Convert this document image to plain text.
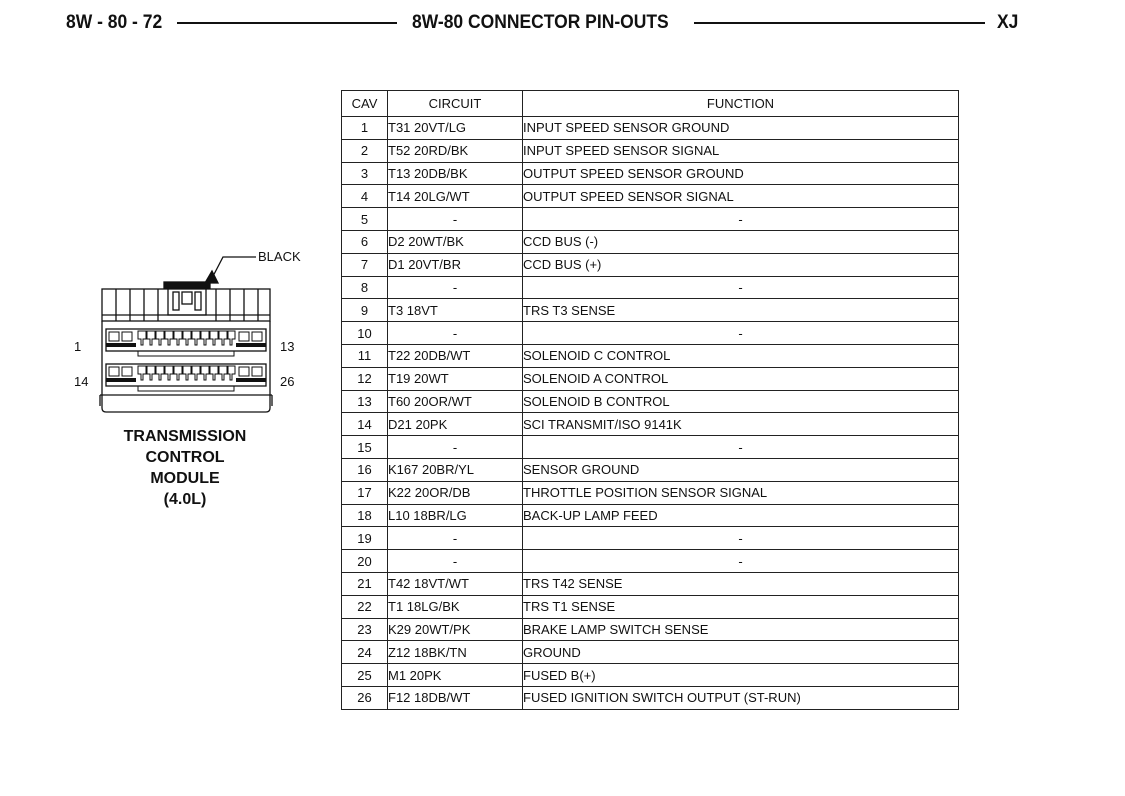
8W - 80 - 72	8W-80 CONNECTOR PIN-OUTS	XJ
BLACK
1	13
14	26
TRANSMISSION
CONTROL
MODULE
(4.0L)
CAV	CIRCUIT	FUNCTION
1	T31 20VT/LG	INPUT SPEED SENSOR GROUND
2	T52 20RD/BK	INPUT SPEED SENSOR SIGNAL
3	T13 20DB/BK	OUTPUT SPEED SENSOR GROUND
4	T14 20LG/WT	OUTPUT SPEED SENSOR SIGNAL
5	-	-
6	D2 20WT/BK	CCD BUS (-)
7	D1 20VT/BR	CCD BUS (+)
8	-	-
9	T3 18VT	TRS T3 SENSE
10	-	-
11	T22 20DB/WT	SOLENOID C CONTROL
12	T19 20WT	SOLENOID A CONTROL
13	T60 20OR/WT	SOLENOID B CONTROL
14	D21 20PK	SCI TRANSMIT/ISO 9141K
15	-	-
16	K167 20BR/YL	SENSOR GROUND
17	K22 20OR/DB	THROTTLE POSITION SENSOR SIGNAL
18	L10 18BR/LG	BACK-UP LAMP FEED
19	-	-
20	-	-
21	T42 18VT/WT	TRS T42 SENSE
22	T1 18LG/BK	TRS T1 SENSE
23	K29 20WT/PK	BRAKE LAMP SWITCH SENSE
24	Z12 18BK/TN	GROUND
25	M1 20PK	FUSED B(+)
26	F12 18DB/WT	FUSED IGNITION SWITCH OUTPUT (ST-RUN)
